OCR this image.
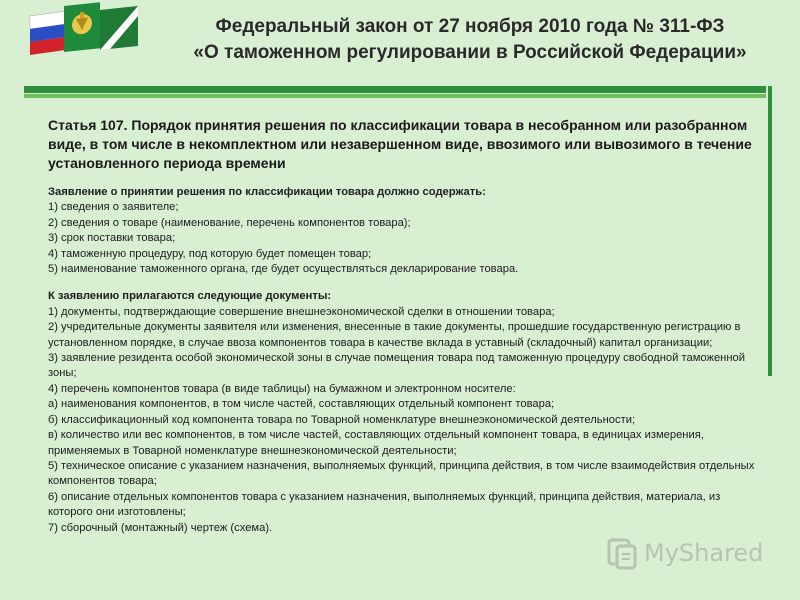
Федеральный закон от 27 ноября 2010 года № 311-ФЗ
«О таможенном регулировании в Российской Федерации»
Статья 107. Порядок принятия решения по классификации товара в несобранном или разобранном виде, в том числе в некомплектном или незавершенном виде, ввозимого или вывозимого в течение установленного периода времени
Заявление о принятии решения по классификации товара должно содержать:
1) сведения о заявителе;
2) сведения о товаре (наименование, перечень компонентов товара);
3) срок поставки товара;
4) таможенную процедуру, под которую будет помещен товар;
5) наименование таможенного органа, где будет осуществляться декларирование товара.
К заявлению прилагаются следующие документы:
1) документы, подтверждающие совершение внешнеэкономической сделки в отношении товара;
2) учредительные документы заявителя или изменения, внесенные в такие документы, прошедшие государственную регистрацию в установленном порядке, в случае ввоза компонентов товара в качестве вклада в уставный (складочный) капитал организации;
3) заявление резидента особой экономической зоны в случае помещения товара под таможенную процедуру свободной таможенной зоны;
4) перечень компонентов товара (в виде таблицы) на бумажном и электронном носителе:
а) наименования компонентов, в том числе частей, составляющих отдельный компонент товара;
б) классификационный код компонента товара по Товарной номенклатуре внешнеэкономической деятельности;
в) количество или вес компонентов, в том числе частей, составляющих отдельный компонент товара, в единицах измерения, применяемых в Товарной номенклатуре внешнеэкономической деятельности;
5) техническое описание с указанием назначения, выполняемых функций, принципа действия, в том числе взаимодействия отдельных компонентов товара;
6) описание отдельных компонентов товара с указанием назначения, выполняемых функций, принципа действия, материала, из которого они изготовлены;
7) сборочный (монтажный) чертеж (схема).
MyShared
